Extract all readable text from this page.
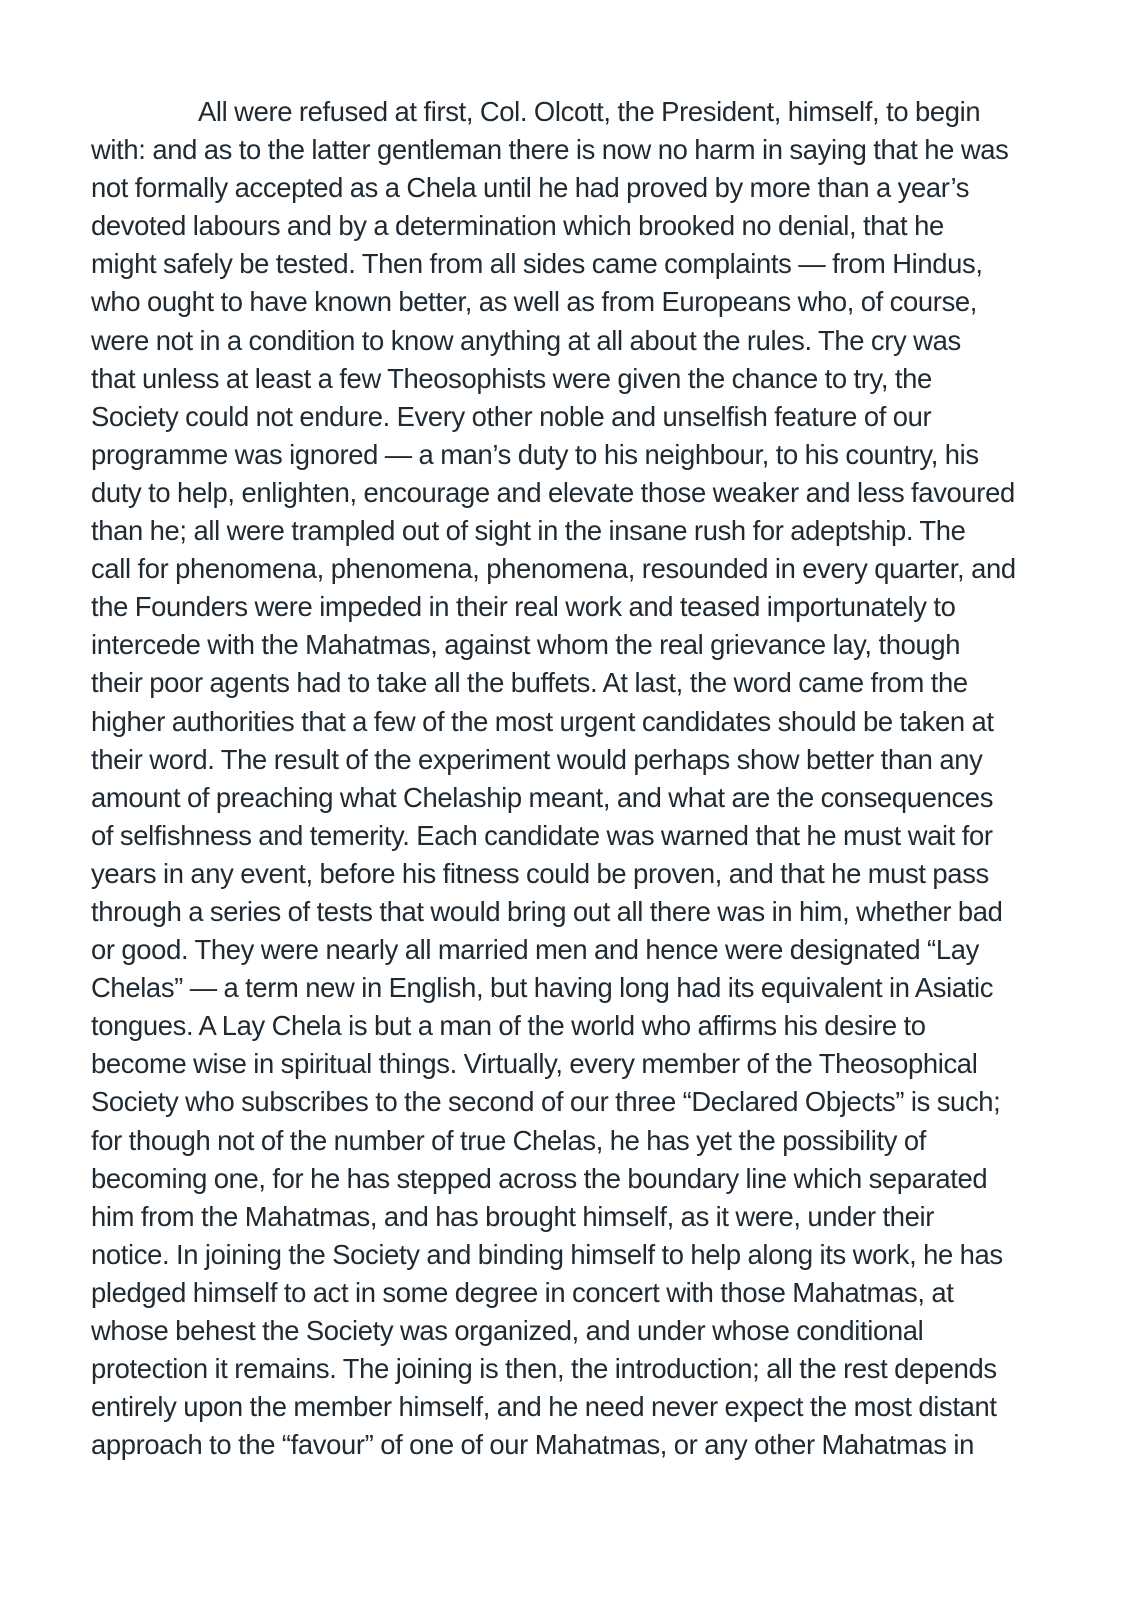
All were refused at first, Col. Olcott, the President, himself, to begin
with: and as to the latter gentleman there is now no harm in saying that he was
not formally accepted as a Chela until he had proved by more than a year’s
devoted labours and by a determination which brooked no denial, that he
might safely be tested. Then from all sides came complaints — from Hindus,
who ought to have known better, as well as from Europeans who, of course,
were not in a condition to know anything at all about the rules. The cry was
that unless at least a few Theosophists were given the chance to try, the
Society could not endure. Every other noble and unselfish feature of our
programme was ignored — a man’s duty to his neighbour, to his country, his
duty to help, enlighten, encourage and elevate those weaker and less favoured
than he; all were trampled out of sight in the insane rush for adeptship. The
call for phenomena, phenomena, phenomena, resounded in every quarter, and
the Founders were impeded in their real work and teased importunately to
intercede with the Mahatmas, against whom the real grievance lay, though
their poor agents had to take all the buffets. At last, the word came from the
higher authorities that a few of the most urgent candidates should be taken at
their word. The result of the experiment would perhaps show better than any
amount of preaching what Chelaship meant, and what are the consequences
of selfishness and temerity. Each candidate was warned that he must wait for
years in any event, before his fitness could be proven, and that he must pass
through a series of tests that would bring out all there was in him, whether bad
or good. They were nearly all married men and hence were designated “Lay
Chelas” — a term new in English, but having long had its equivalent in Asiatic
tongues. A Lay Chela is but a man of the world who affirms his desire to
become wise in spiritual things. Virtually, every member of the Theosophical
Society who subscribes to the second of our three “Declared Objects” is such;
for though not of the number of true Chelas, he has yet the possibility of
becoming one, for he has stepped across the boundary line which separated
him from the Mahatmas, and has brought himself, as it were, under their
notice. In joining the Society and binding himself to help along its work, he has
pledged himself to act in some degree in concert with those Mahatmas, at
whose behest the Society was organized, and under whose conditional
protection it remains. The joining is then, the introduction; all the rest depends
entirely upon the member himself, and he need never expect the most distant
approach to the “favour” of one of our Mahatmas, or any other Mahatmas in
